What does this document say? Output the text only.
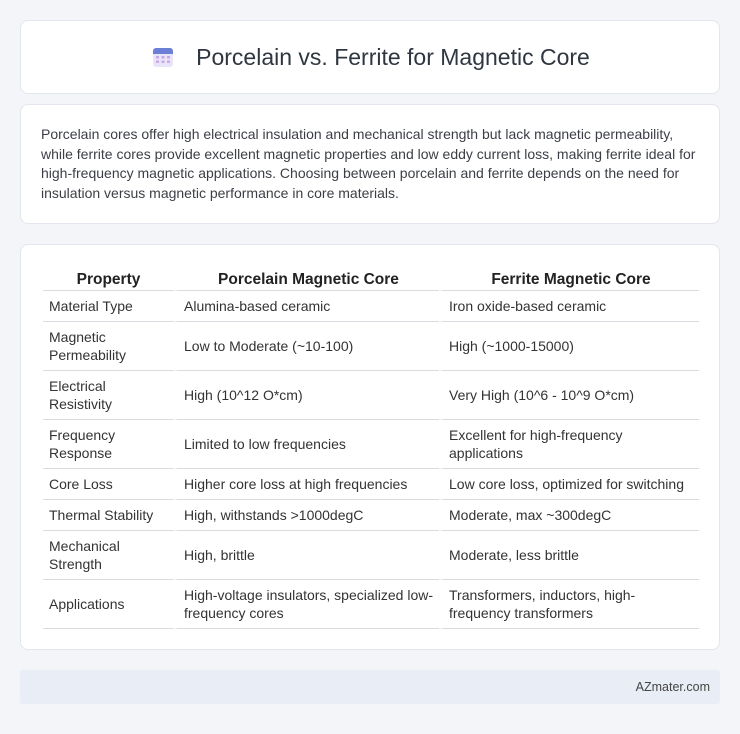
Porcelain vs. Ferrite for Magnetic Core

Porcelain cores offer high electrical insulation and mechanical strength but lack magnetic permeability, while ferrite cores provide excellent magnetic properties and low eddy current loss, making ferrite ideal for high-frequency magnetic applications. Choosing between porcelain and ferrite depends on the need for insulation versus magnetic performance in core materials.

Property	Porcelain Magnetic Core	Ferrite Magnetic Core
Material Type	Alumina-based ceramic	Iron oxide-based ceramic
Magnetic Permeability	Low to Moderate (~10-100)	High (~1000-15000)
Electrical Resistivity	High (10^12 O*cm)	Very High (10^6 - 10^9 O*cm)
Frequency Response	Limited to low frequencies	Excellent for high-frequency applications
Core Loss	Higher core loss at high frequencies	Low core loss, optimized for switching
Thermal Stability	High, withstands >1000degC	Moderate, max ~300degC
Mechanical Strength	High, brittle	Moderate, less brittle
Applications	High-voltage insulators, specialized low-frequency cores	Transformers, inductors, high-frequency transformers
AZmater.com
